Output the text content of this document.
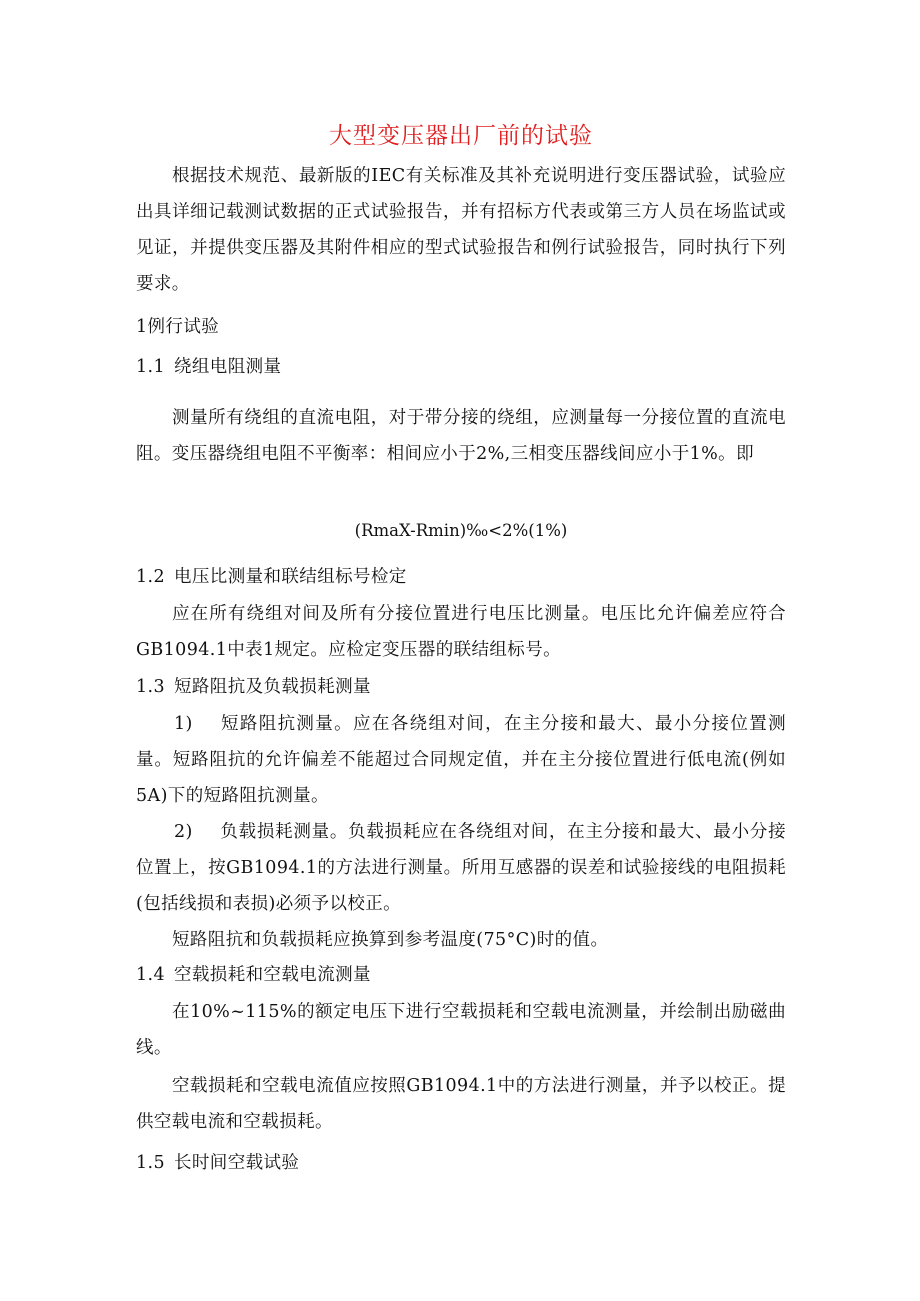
大型变压器出厂前的试验
根据技术规范、最新版的IEC有关标准及其补充说明进行变压器试验，试验应出具详细记载测试数据的正式试验报告，并有招标方代表或第三方人员在场监试或见证，并提供变压器及其附件相应的型式试验报告和例行试验报告，同时执行下列要求。
1例行试验
1.1 绕组电阻测量
测量所有绕组的直流电阻，对于带分接的绕组，应测量每一分接位置的直流电阻。变压器绕组电阻不平衡率：相间应小于2%,三相变压器线间应小于1%。即
(RmaX-Rmin)‰<2%(1%)
1.2 电压比测量和联结组标号检定
应在所有绕组对间及所有分接位置进行电压比测量。电压比允许偏差应符合GB1094.1中表1规定。应检定变压器的联结组标号。
1.3 短路阻抗及负载损耗测量
1) 短路阻抗测量。应在各绕组对间，在主分接和最大、最小分接位置测量。短路阻抗的允许偏差不能超过合同规定值，并在主分接位置进行低电流(例如5A)下的短路阻抗测量。
2) 负载损耗测量。负载损耗应在各绕组对间，在主分接和最大、最小分接位置上，按GB1094.1的方法进行测量。所用互感器的误差和试验接线的电阻损耗(包括线损和表损)必须予以校正。
短路阻抗和负载损耗应换算到参考温度(75°C)时的值。
1.4 空载损耗和空载电流测量
在10%~115%的额定电压下进行空载损耗和空载电流测量，并绘制出励磁曲线。
空载损耗和空载电流值应按照GB1094.1中的方法进行测量，并予以校正。提供空载电流和空载损耗。
1.5 长时间空载试验
